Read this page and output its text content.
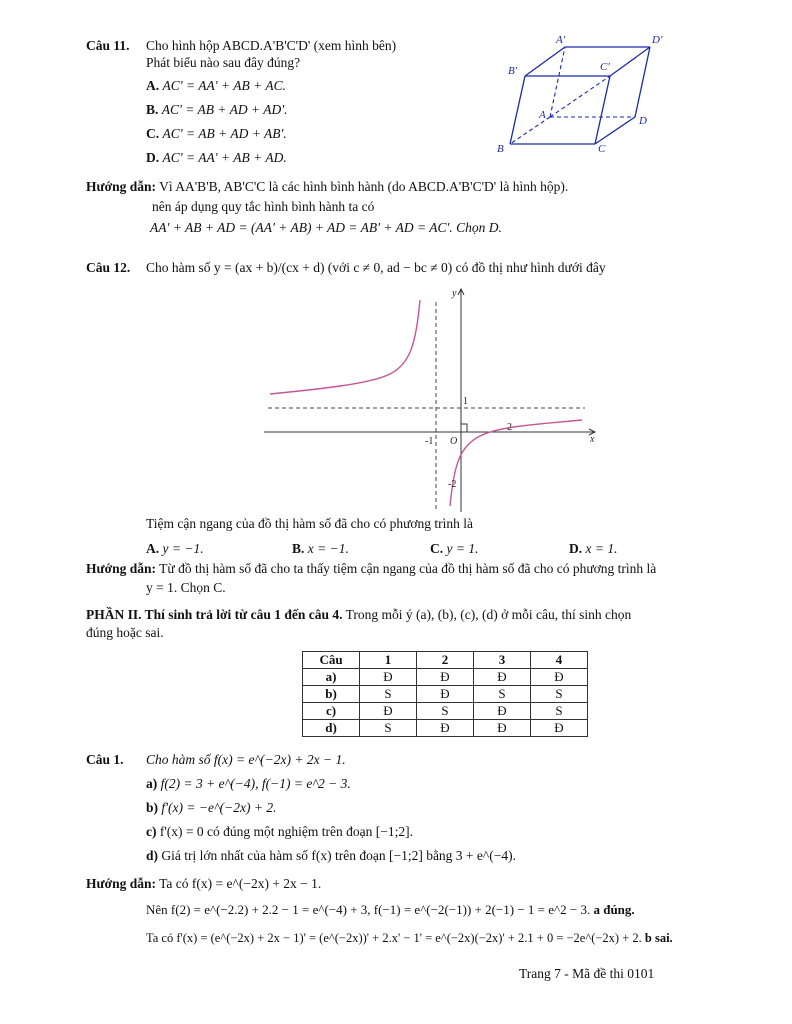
Câu 11. Cho hình hộp ABCD.A'B'C'D' (xem hình bên)
Phát biểu nào sau đây đúng?
A. AC' = AA' + AB + AC.
B. AC' = AB + AD + AD'.
C. AC' = AB + AD + AB'.
D. AC' = AA' + AB + AD.
A'	D'
B'	C'
A	D
B	C
Hướng dẫn: Vì AA'B'B, AB'C'C là các hình bình hành (do ABCD.A'B'C'D' là hình hộp).
nên áp dụng quy tắc hình bình hành ta có
AA' + AB + AD = (AA' + AB) + AD = AB' + AD = AC'. Chọn D.
Câu 12. Cho hàm số y = (ax + b)/(cx + d) (với c ≠ 0, ad − bc ≠ 0) có đồ thị như hình dưới đây
y
x
O
1
-1
2
-2
Tiệm cận ngang của đồ thị hàm số đã cho có phương trình là
A. y = −1.	B. x = −1.	C. y = 1.	D. x = 1.
Hướng dẫn: Từ đồ thị hàm số đã cho ta thấy tiệm cận ngang của đồ thị hàm số đã cho có phương trình là
y = 1. Chọn C.
PHẦN II. Thí sinh trả lời từ câu 1 đến câu 4. Trong mỗi ý (a), (b), (c), (d) ở mỗi câu, thí sinh chọn
đúng hoặc sai.
Câu	1	2	3	4
a)	Đ	Đ	Đ	Đ
b)	S	Đ	S	S
c)	Đ	S	Đ	S
d)	S	Đ	Đ	Đ
Câu 1. Cho hàm số f(x) = e^(−2x) + 2x − 1.
a) f(2) = 3 + e^(−4), f(−1) = e^2 − 3.
b) f'(x) = −e^(−2x) + 2.
c) f'(x) = 0 có đúng một nghiệm trên đoạn [−1;2].
d) Giá trị lớn nhất của hàm số f(x) trên đoạn [−1;2] bằng 3 + e^(−4).
Hướng dẫn: Ta có f(x) = e^(−2x) + 2x − 1.
Nên f(2) = e^(−2.2) + 2.2 − 1 = e^(−4) + 3, f(−1) = e^(−2(−1)) + 2(−1) − 1 = e^2 − 3. a đúng.
Ta có f'(x) = (e^(−2x) + 2x − 1)' = (e^(−2x))' + 2.x' − 1' = e^(−2x)(−2x)' + 2.1 + 0 = −2e^(−2x) + 2. b sai.
Trang 7 - Mã đề thi 0101
